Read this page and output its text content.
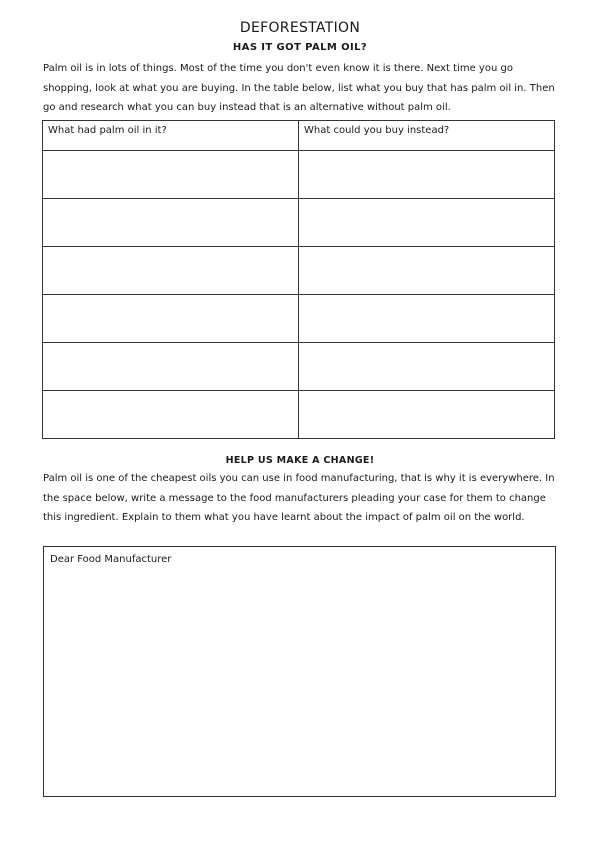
DEFORESTATION
HAS IT GOT PALM OIL?
Palm oil is in lots of things. Most of the time you don't even know it is there. Next time you go shopping, look at what you are buying. In the table below, list what you buy that has palm oil in. Then go and research what you can buy instead that is an alternative without palm oil.
What had palm oil in it?	What could you buy instead?

HELP US MAKE A CHANGE!
Palm oil is one of the cheapest oils you can use in food manufacturing, that is why it is everywhere. In the space below, write a message to the food manufacturers pleading your case for them to change this ingredient. Explain to them what you have learnt about the impact of palm oil on the world.
Dear Food Manufacturer
